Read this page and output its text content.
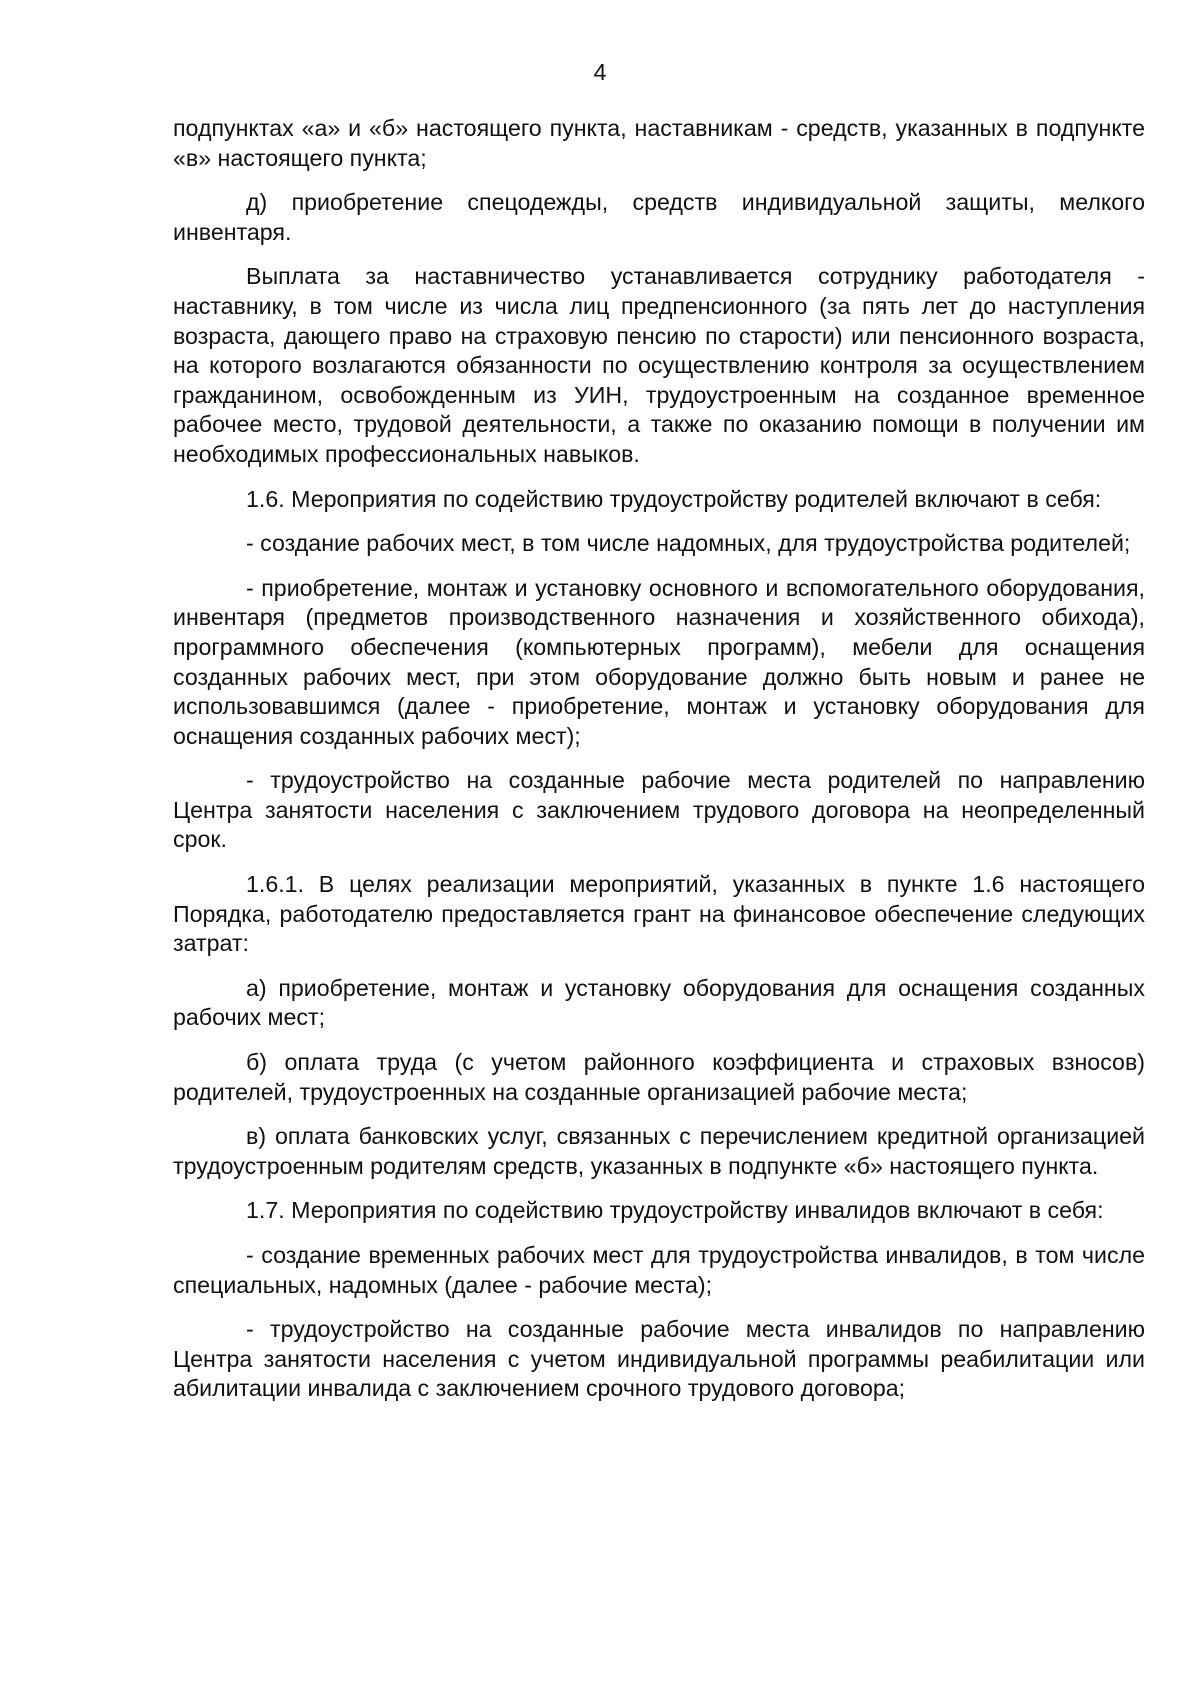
4

подпунктах «а» и «б» настоящего пункта, наставникам - средств, указанных в подпункте «в» настоящего пункта;

д) приобретение спецодежды, средств индивидуальной защиты, мелкого инвентаря.

Выплата за наставничество устанавливается сотруднику работодателя - наставнику, в том числе из числа лиц предпенсионного (за пять лет до наступления возраста, дающего право на страховую пенсию по старости) или пенсионного возраста, на которого возлагаются обязанности по осуществлению контроля за осуществлением гражданином, освобожденным из УИН, трудоустроенным на созданное временное рабочее место, трудовой деятельности, а также по оказанию помощи в получении им необходимых профессиональных навыков.

1.6. Мероприятия по содействию трудоустройству родителей включают в себя:

- создание рабочих мест, в том числе надомных, для трудоустройства родителей;

- приобретение, монтаж и установку основного и вспомогательного оборудования, инвентаря (предметов производственного назначения и хозяйственного обихода), программного обеспечения (компьютерных программ), мебели для оснащения созданных рабочих мест, при этом оборудование должно быть новым и ранее не использовавшимся (далее - приобретение, монтаж и установку оборудования для оснащения созданных рабочих мест);

- трудоустройство на созданные рабочие места родителей по направлению Центра занятости населения с заключением трудового договора на неопределенный срок.

1.6.1. В целях реализации мероприятий, указанных в пункте 1.6 настоящего Порядка, работодателю предоставляется грант на финансовое обеспечение следующих затрат:

а) приобретение, монтаж и установку оборудования для оснащения созданных рабочих мест;

б) оплата труда (с учетом районного коэффициента и страховых взносов) родителей, трудоустроенных на созданные организацией рабочие места;

в) оплата банковских услуг, связанных с перечислением кредитной организацией трудоустроенным родителям средств, указанных в подпункте «б» настоящего пункта.

1.7. Мероприятия по содействию трудоустройству инвалидов включают в себя:

- создание временных рабочих мест для трудоустройства инвалидов, в том числе специальных, надомных (далее - рабочие места);

- трудоустройство на созданные рабочие места инвалидов по направлению Центра занятости населения с учетом индивидуальной программы реабилитации или абилитации инвалида с заключением срочного трудового договора;
